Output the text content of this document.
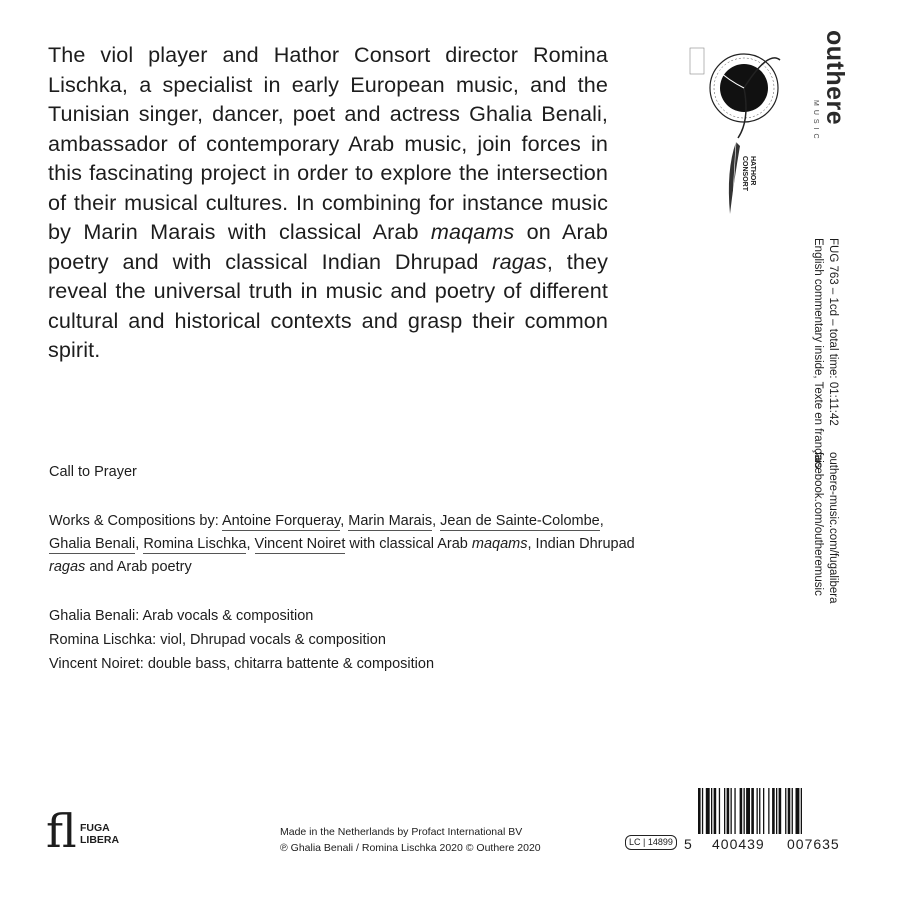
The viol player and Hathor Consort director Romina Lischka, a specialist in early European music, and the Tunisian singer, dancer, poet and actress Ghalia Benali, ambassador of contemporary Arab music, join forces in this fascinating project in order to explore the intersection of their musical cultures. In combining for instance music by Marin Marais with classical Arab maqams on Arab poetry and with classical Indian Dhrupad ragas, they reveal the universal truth in music and poetry of different cultural and historical contexts and grasp their common spirit.
Call to Prayer
Works & Compositions by: Antoine Forqueray, Marin Marais, Jean de Sainte-Colombe,
Ghalia Benali, Romina Lischka, Vincent Noiret with classical Arab maqams, Indian Dhrupad
ragas and Arab poetry
Ghalia Benali: Arab vocals & composition
Romina Lischka: viol, Dhrupad vocals & composition
Vincent Noiret: double bass, chitarra battente & composition
outhere
MUSIC
HATHOR CONSORT
FUG 763 – 1cd – total time: 01:11:42
English commentary inside, Texte en français
outhere-music.com/fugalibera
facebook.com/outheremusic
fl FUGA
LIBERA
Made in the Netherlands by Profact International BV
℗ Ghalia Benali / Romina Lischka 2020 © Outhere 2020	LC | 14899 5 400439 007635
